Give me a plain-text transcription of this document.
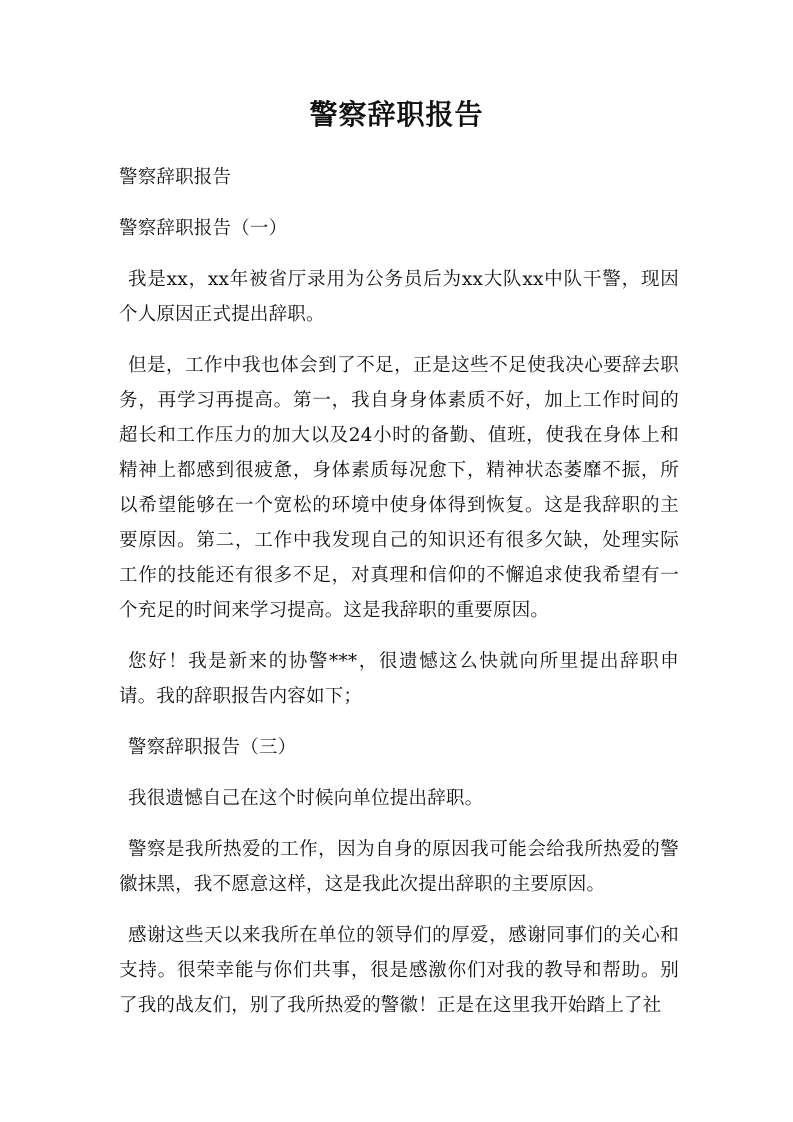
警察辞职报告

警察辞职报告

警察辞职报告（一）

我是xx，xx年被省厅录用为公务员后为xx大队xx中队干警，现因个人原因正式提出辞职。

但是，工作中我也体会到了不足，正是这些不足使我决心要辞去职务，再学习再提高。第一，我自身身体素质不好，加上工作时间的超长和工作压力的加大以及24小时的备勤、值班，使我在身体上和精神上都感到很疲惫，身体素质每况愈下，精神状态萎靡不振，所以希望能够在一个宽松的环境中使身体得到恢复。这是我辞职的主要原因。第二，工作中我发现自己的知识还有很多欠缺，处理实际工作的技能还有很多不足，对真理和信仰的不懈追求使我希望有一个充足的时间来学习提高。这是我辞职的重要原因。

您好！我是新来的协警***，很遗憾这么快就向所里提出辞职申请。我的辞职报告内容如下；

警察辞职报告（三）

我很遗憾自己在这个时候向单位提出辞职。

警察是我所热爱的工作，因为自身的原因我可能会给我所热爱的警徽抹黑，我不愿意这样，这是我此次提出辞职的主要原因。

感谢这些天以来我所在单位的领导们的厚爱，感谢同事们的关心和支持。很荣幸能与你们共事，很是感激你们对我的教导和帮助。别了我的战友们，别了我所热爱的警徽！正是在这里我开始踏上了社
